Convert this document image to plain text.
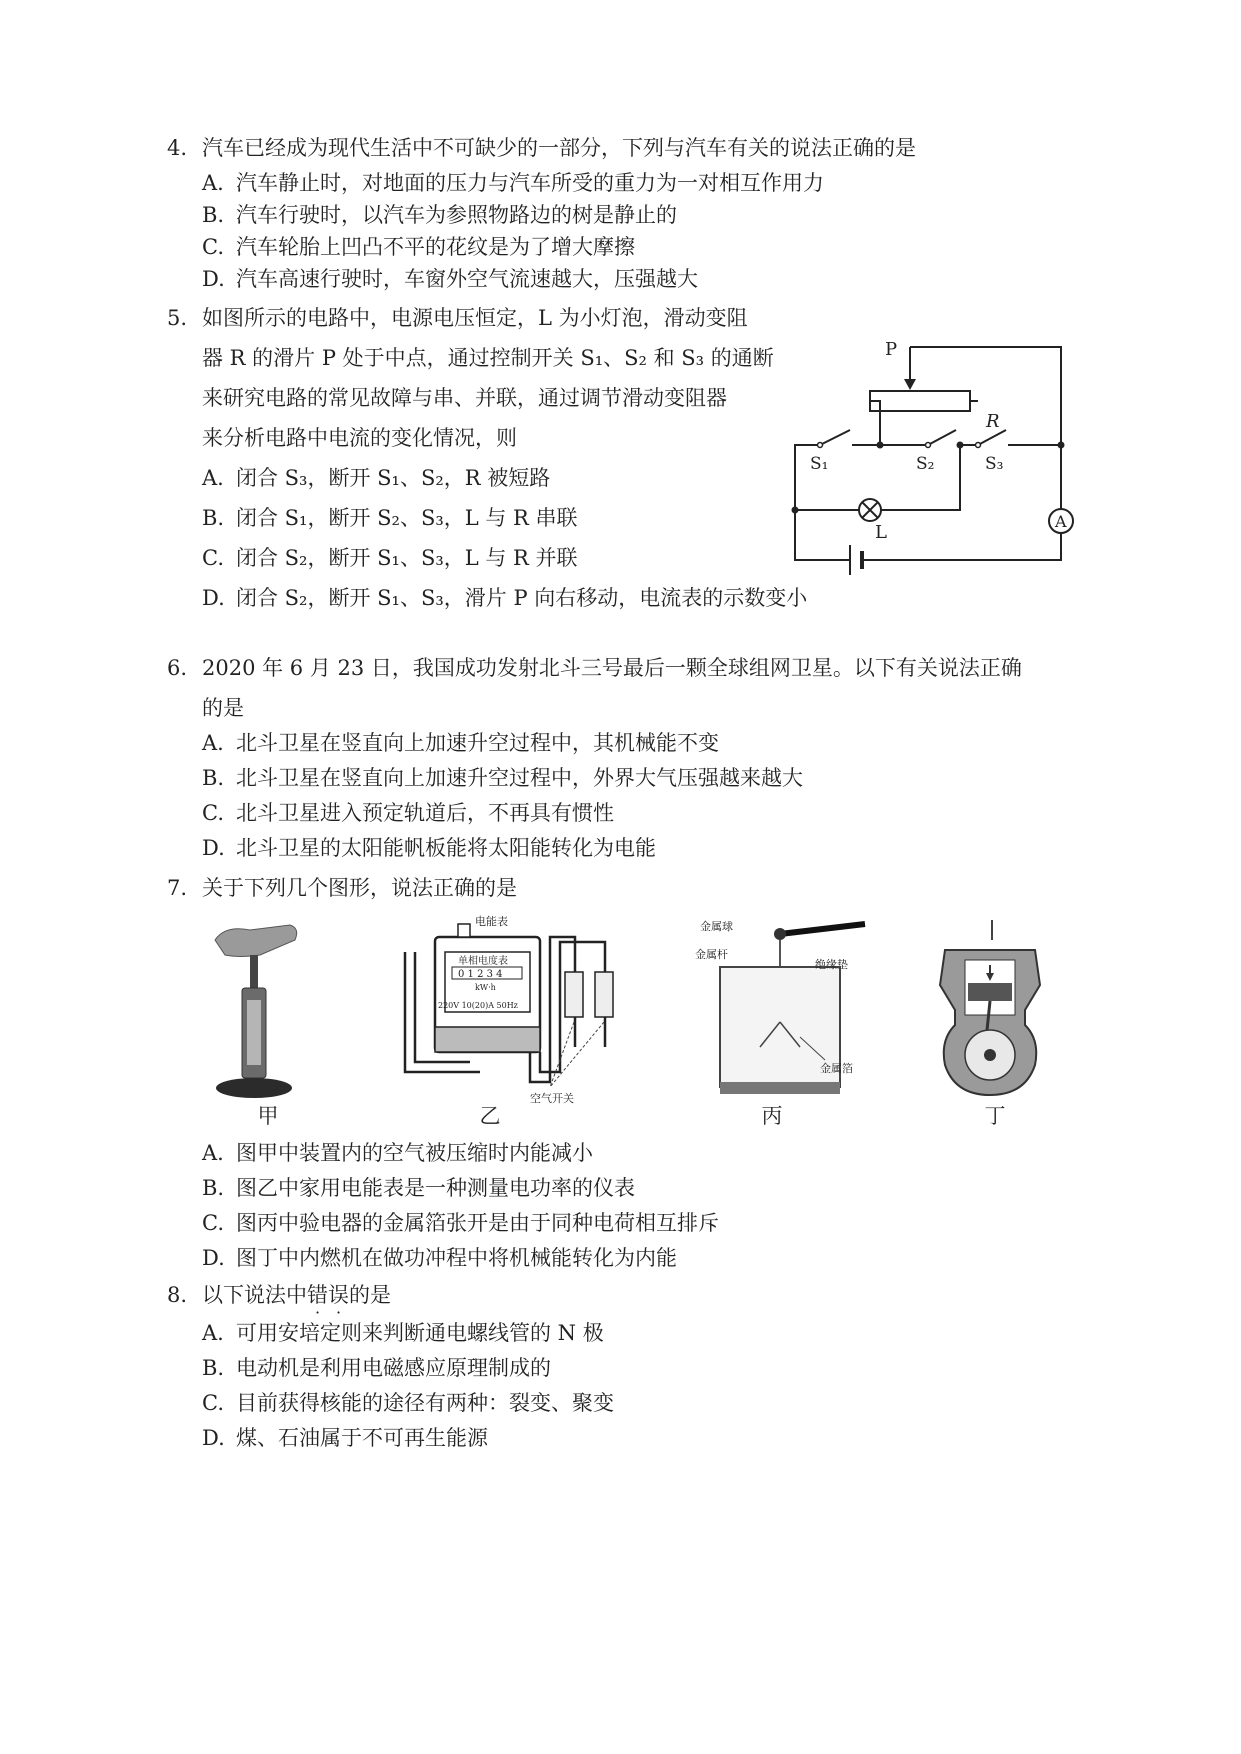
4. 汽车已经成为现代生活中不可缺少的一部分，下列与汽车有关的说法正确的是
A. 汽车静止时，对地面的压力与汽车所受的重力为一对相互作用力
B. 汽车行驶时，以汽车为参照物路边的树是静止的
C. 汽车轮胎上凹凸不平的花纹是为了增大摩擦
D. 汽车高速行驶时，车窗外空气流速越大，压强越大
5. 如图所示的电路中，电源电压恒定，L 为小灯泡，滑动变阻
器 R 的滑片 P 处于中点，通过控制开关 S₁、S₂ 和 S₃ 的通断
来研究电路的常见故障与串、并联，通过调节滑动变阻器
来分析电路中电流的变化情况，则
A. 闭合 S₃，断开 S₁、S₂，R 被短路
B. 闭合 S₁，断开 S₂、S₃，L 与 R 串联
C. 闭合 S₂，断开 S₁、S₃，L 与 R 并联
D. 闭合 S₂，断开 S₁、S₃，滑片 P 向右移动，电流表的示数变小
P
R
S₁	S₂	S₃
L
A
6. 2020 年 6 月 23 日，我国成功发射北斗三号最后一颗全球组网卫星。以下有关说法正确
的是
A. 北斗卫星在竖直向上加速升空过程中，其机械能不变
B. 北斗卫星在竖直向上加速升空过程中，外界大气压强越来越大
C. 北斗卫星进入预定轨道后，不再具有惯性
D. 北斗卫星的太阳能帆板能将太阳能转化为电能
7. 关于下列几个图形，说法正确的是
甲
电能表
单相电度表
0 1 2 3 4
kW·h
220V 10(20)A 50Hz
空气开关
乙
金属球
金属杆
绝缘垫
金属箔
丙	丁
A. 图甲中装置内的空气被压缩时内能减小
B. 图乙中家用电能表是一种测量电功率的仪表
C. 图丙中验电器的金属箔张开是由于同种电荷相互排斥
D. 图丁中内燃机在做功冲程中将机械能转化为内能
8. 以下说法中错误
· ·
的是
A. 可用安培定则来判断通电螺线管的 N 极
B. 电动机是利用电磁感应原理制成的
C. 目前获得核能的途径有两种：裂变、聚变
D. 煤、石油属于不可再生能源
